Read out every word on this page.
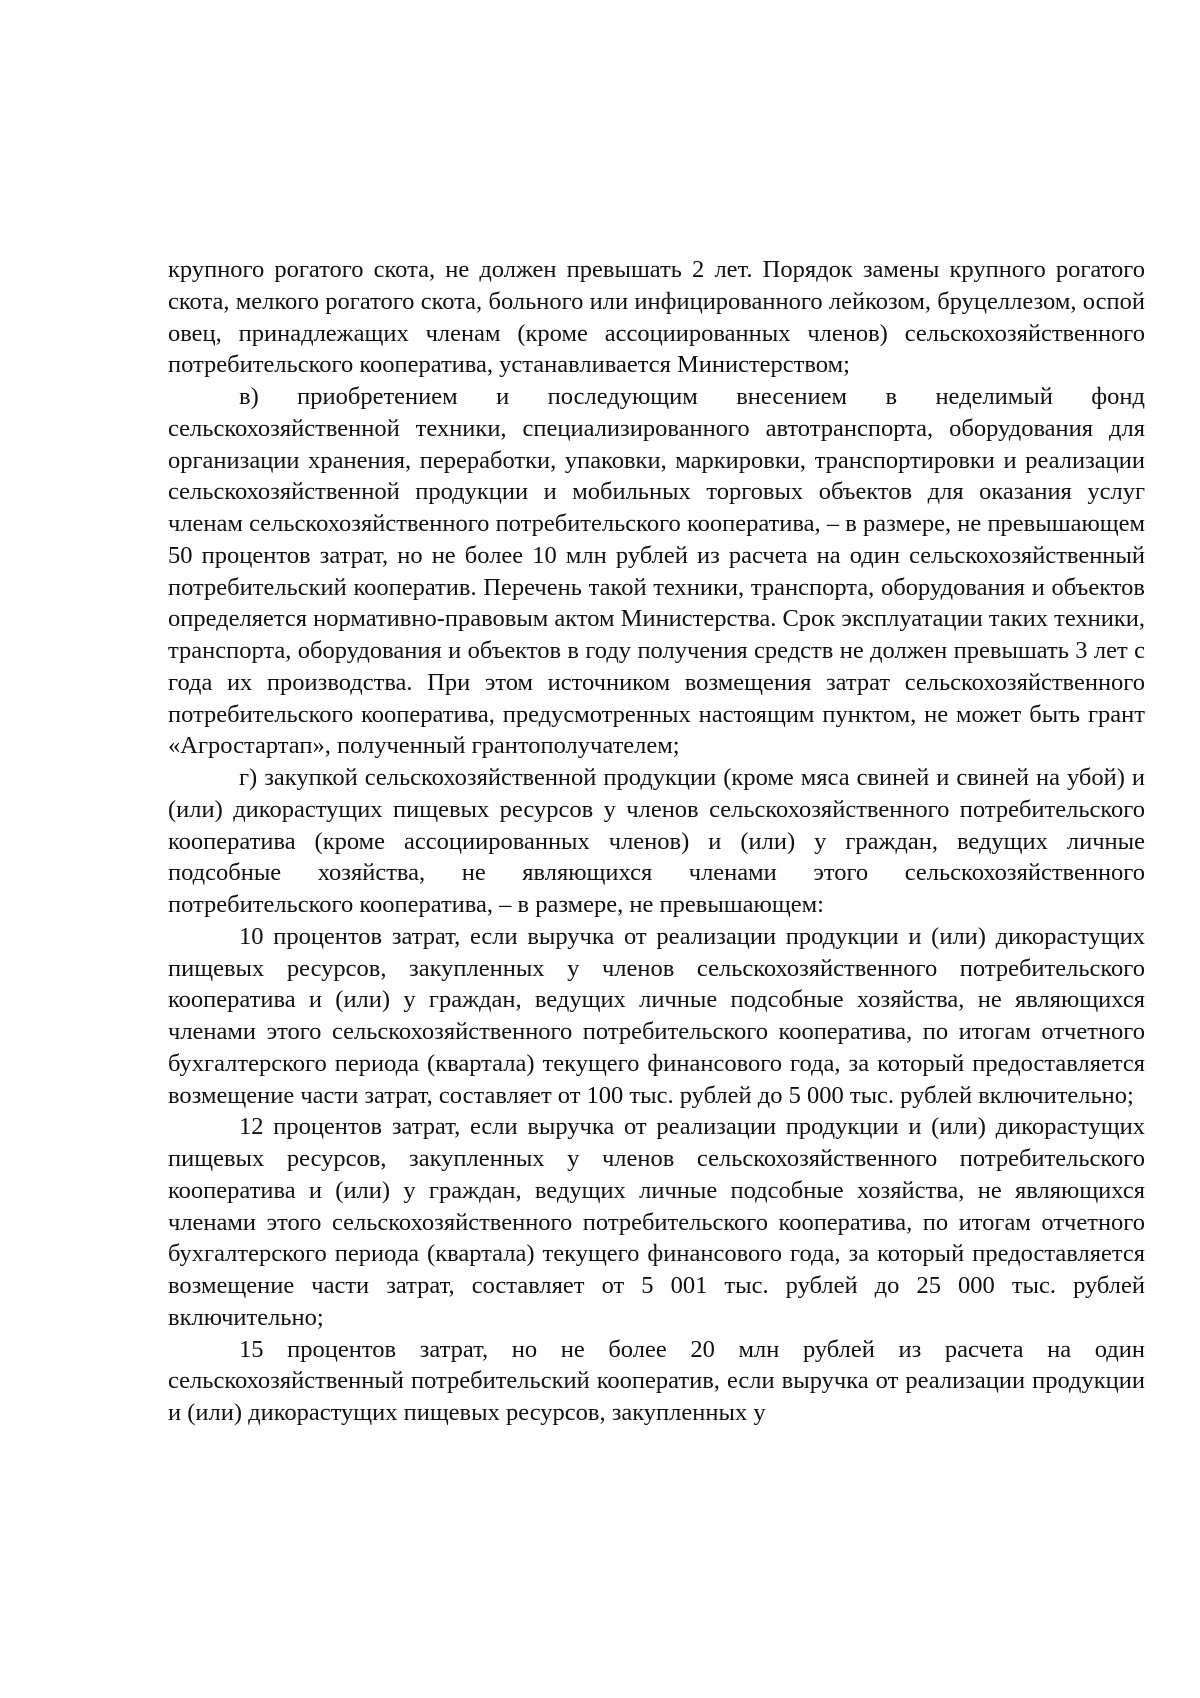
крупного рогатого скота, не должен превышать 2 лет. Порядок замены крупного рогатого скота, мелкого рогатого скота, больного или инфицированного лейкозом, бруцеллезом, оспой овец, принадлежащих членам (кроме ассоциированных членов) сельскохозяйственного потребительского кооператива, устанавливается Министерством;

в) приобретением и последующим внесением в неделимый фонд сельскохозяйственной техники, специализированного автотранспорта, оборудования для организации хранения, переработки, упаковки, маркировки, транспортировки и реализации сельскохозяйственной продукции и мобильных торговых объектов для оказания услуг членам сельскохозяйственного потребительского кооператива, – в размере, не превышающем 50 процентов затрат, но не более 10 млн рублей из расчета на один сельскохозяйственный потребительский кооператив. Перечень такой техники, транспорта, оборудования и объектов определяется нормативно-правовым актом Министерства. Срок эксплуатации таких техники, транспорта, оборудования и объектов в году получения средств не должен превышать 3 лет с года их производства. При этом источником возмещения затрат сельскохозяйственного потребительского кооператива, предусмотренных настоящим пунктом, не может быть грант «Агростартап», полученный грантополучателем;

г) закупкой сельскохозяйственной продукции (кроме мяса свиней и свиней на убой) и (или) дикорастущих пищевых ресурсов у членов сельскохозяйственного потребительского кооператива (кроме ассоциированных членов) и (или) у граждан, ведущих личные подсобные хозяйства, не являющихся членами этого сельскохозяйственного потребительского кооператива, – в размере, не превышающем:

10 процентов затрат, если выручка от реализации продукции и (или) дикорастущих пищевых ресурсов, закупленных у членов сельскохозяйственного потребительского кооператива и (или) у граждан, ведущих личные подсобные хозяйства, не являющихся членами этого сельскохозяйственного потребительского кооператива, по итогам отчетного бухгалтерского периода (квартала) текущего финансового года, за который предоставляется возмещение части затрат, составляет от 100 тыс. рублей до 5 000 тыс. рублей включительно;

12 процентов затрат, если выручка от реализации продукции и (или) дикорастущих пищевых ресурсов, закупленных у членов сельскохозяйственного потребительского кооператива и (или) у граждан, ведущих личные подсобные хозяйства, не являющихся членами этого сельскохозяйственного потребительского кооператива, по итогам отчетного бухгалтерского периода (квартала) текущего финансового года, за который предоставляется возмещение части затрат, составляет от 5 001 тыс. рублей до 25 000 тыс. рублей включительно;

15 процентов затрат, но не более 20 млн рублей из расчета на один сельскохозяйственный потребительский кооператив, если выручка от реализации продукции и (или) дикорастущих пищевых ресурсов, закупленных у
